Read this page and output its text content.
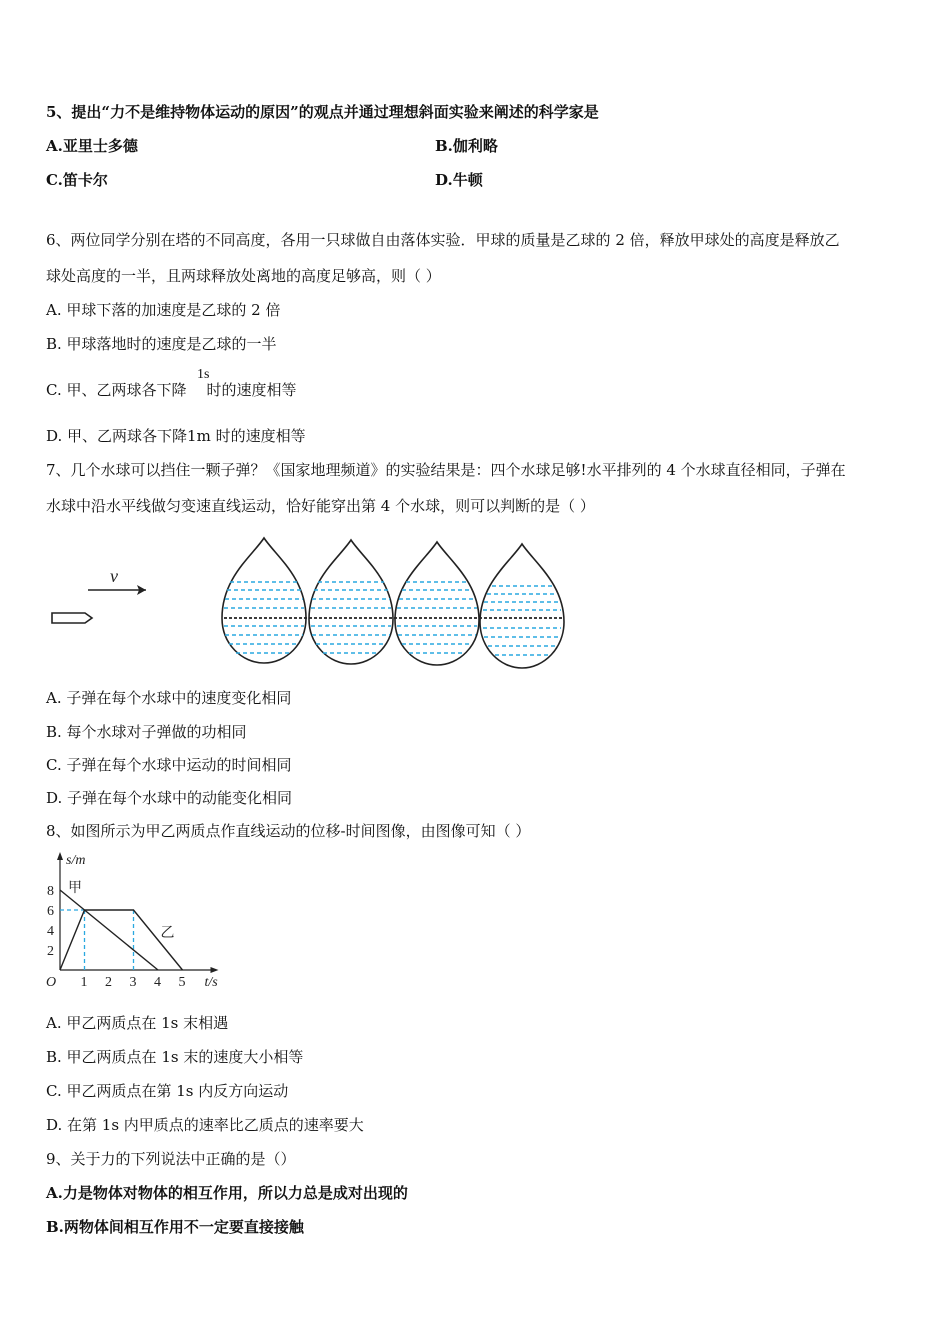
5、提出“力不是维持物体运动的原因”的观点并通过理想斜面实验来阐述的科学家是
A.亚里士多德	B.伽利略
C.笛卡尔	D.牛顿
6、两位同学分别在塔的不同高度，各用一只球做自由落体实验．甲球的质量是乙球的 2 倍，释放甲球处的高度是释放乙
球处高度的一半，且两球释放处离地的高度足够高，则（ ）
A. 甲球下落的加速度是乙球的 2 倍
B. 甲球落地时的速度是乙球的一半
C. 甲、乙两球各下降 时的速度相等
1s
D. 甲、乙两球各下降1m 时的速度相等
7、几个水球可以挡住一颗子弹？《国家地理频道》的实验结果是：四个水球足够!水平排列的 4 个水球直径相同，子弹在
水球中沿水平线做匀变速直线运动，恰好能穿出第 4 个水球，则可以判断的是（ ）
v
A. 子弹在每个水球中的速度变化相同
B. 每个水球对子弹做的功相同
C. 子弹在每个水球中运动的时间相同
D. 子弹在每个水球中的动能变化相同
8、如图所示为甲乙两质点作直线运动的位移-时间图像，由图像可知（ ）
s/m
t/s
O 1 2 3 4 5
2
4
6
8 甲
乙
A. 甲乙两质点在 1s 末相遇
B. 甲乙两质点在 1s 末的速度大小相等
C. 甲乙两质点在第 1s 内反方向运动
D. 在第 1s 内甲质点的速率比乙质点的速率要大
9、关于力的下列说法中正确的是（）
A.力是物体对物体的相互作用，所以力总是成对出现的
B.两物体间相互作用不一定要直接接触
